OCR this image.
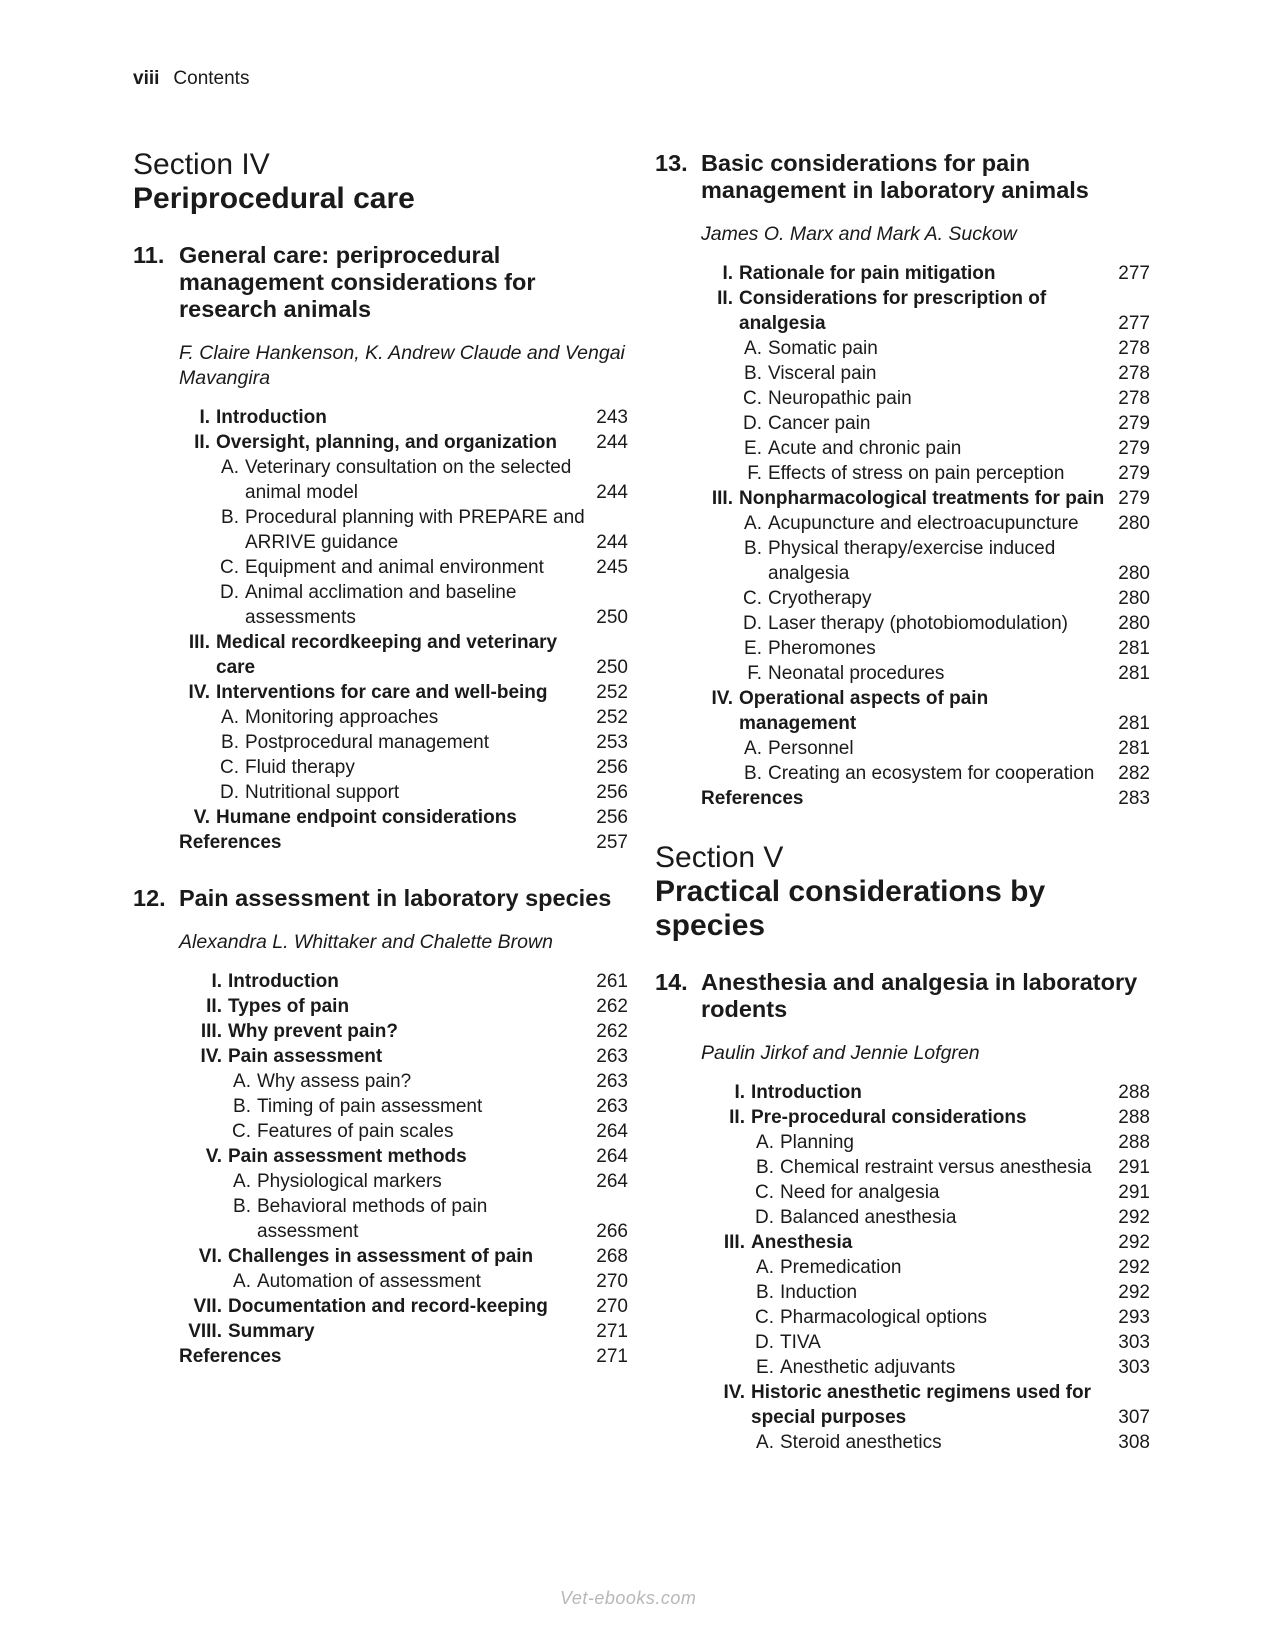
viii Contents
Section IV
Periprocedural care
11. General care: periprocedural management considerations for research animals
F. Claire Hankenson, K. Andrew Claude and Vengai Mavangira
I. Introduction	243
II. Oversight, planning, and organization	244
A. Veterinary consultation on the selected animal model	244
B. Procedural planning with PREPARE and ARRIVE guidance	244
C. Equipment and animal environment	245
D. Animal acclimation and baseline assessments	250
III. Medical recordkeeping and veterinary care	250
IV. Interventions for care and well-being	252
A. Monitoring approaches	252
B. Postprocedural management	253
C. Fluid therapy	256
D. Nutritional support	256
V. Humane endpoint considerations	256
References	257
12. Pain assessment in laboratory species
Alexandra L. Whittaker and Chalette Brown
I. Introduction	261
II. Types of pain	262
III. Why prevent pain?	262
IV. Pain assessment	263
A. Why assess pain?	263
B. Timing of pain assessment	263
C. Features of pain scales	264
V. Pain assessment methods	264
A. Physiological markers	264
B. Behavioral methods of pain assessment	266
VI. Challenges in assessment of pain	268
A. Automation of assessment	270
VII. Documentation and record-keeping	270
VIII. Summary	271
References	271
13. Basic considerations for pain management in laboratory animals
James O. Marx and Mark A. Suckow
I. Rationale for pain mitigation	277
II. Considerations for prescription of analgesia	277
A. Somatic pain	278
B. Visceral pain	278
C. Neuropathic pain	278
D. Cancer pain	279
E. Acute and chronic pain	279
F. Effects of stress on pain perception	279
III. Nonpharmacological treatments for pain 279
A. Acupuncture and electroacupuncture	280
B. Physical therapy/exercise induced analgesia	280
C. Cryotherapy	280
D. Laser therapy (photobiomodulation)	280
E. Pheromones	281
F. Neonatal procedures	281
IV. Operational aspects of pain management	281
A. Personnel	281
B. Creating an ecosystem for cooperation	282
References	283
Section V
Practical considerations by species
14. Anesthesia and analgesia in laboratory rodents
Paulin Jirkof and Jennie Lofgren
I. Introduction	288
II. Pre-procedural considerations	288
A. Planning	288
B. Chemical restraint versus anesthesia	291
C. Need for analgesia	291
D. Balanced anesthesia	292
III. Anesthesia	292
A. Premedication	292
B. Induction	292
C. Pharmacological options	293
D. TIVA	303
E. Anesthetic adjuvants	303
IV. Historic anesthetic regimens used for special purposes	307
A. Steroid anesthetics	308
Vet-ebooks.com
